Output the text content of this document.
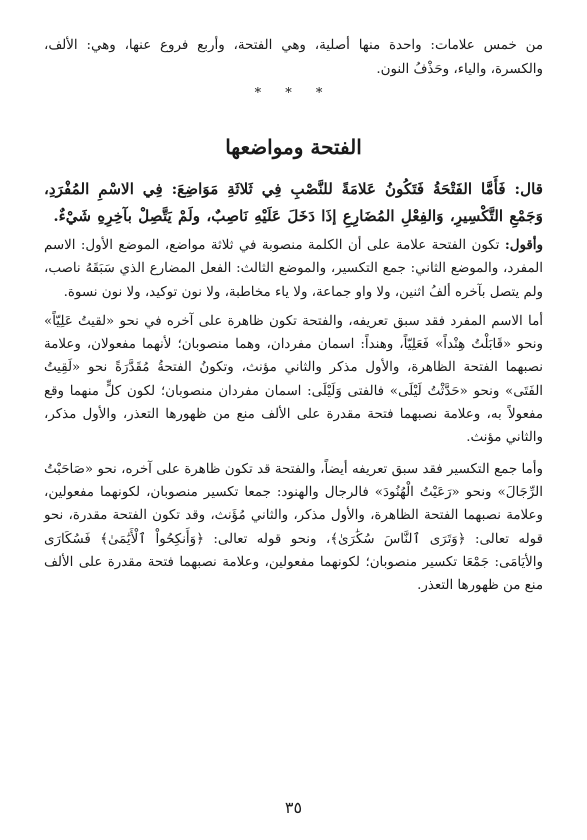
من خمس علامات: واحدة منها أصلية، وهي الفتحة، وأربع فروع عنها، وهي: الألف، والكسرة، والياء، وحَذْفُ النون.

* * *
الفتحة ومواضعها

قال: فَأَمَّا الفَتْحَةُ فَتَكُونُ عَلامَةً للنَّصْبِ فِي ثَلاثَةِ مَوَاضِعَ: فِي الاسْمِ المُفْرَدِ، وَجَمْعِ التَّكْسِيرِ، وَالفِعْلِ المُضَارِعِ إذَا دَخَلَ عَلَيْهِ نَاصِبٌ، ولَمْ يَتَّصِلْ بآخِرِهِ شَيْءٌ.

وأقول: تكون الفتحة علامة على أن الكلمة منصوبة في ثلاثة مواضع، الموضع الأول: الاسم المفرد، والموضع الثاني: جمع التكسير، والموضع الثالث: الفعل المضارع الذي سَبَقَهُ ناصب، ولم يتصل بآخره ألفُ اثنين، ولا واو جماعة، ولا ياء مخاطبة، ولا نون توكيد، ولا نون نسوة.

أما الاسم المفرد فقد سبق تعريفه، والفتحة تكون ظاهرة على آخره في نحو «لقيتُ عَلِيّاً» ونحو «قَابَلْتُ هِنْداً» فَعَلِيّاً، وهنداً: اسمان مفردان، وهما منصوبان؛ لأنهما مفعولان، وعلامة نصبهما الفتحة الظاهرة، والأول مذكر والثاني مؤنث، وتكونُ الفتحةُ مُقَدَّرَةً نحو «لَقِيتُ الفَتَى» ونحو «حَدَّثْتُ لَيْلَى» فالفتى وَلَيْلَى: اسمان مفردان منصوبان؛ لكون كلٍّ منهما وقع مفعولاً به، وعلامة نصبهما فتحة مقدرة على الألف منع من ظهورها التعذر، والأول مذكر، والثاني مؤنث.

وأما جمع التكسير فقد سبق تعريفه أيضاً، والفتحة قد تكون ظاهرة على آخره، نحو «صَاحَبْتُ الرِّجَالَ» ونحو «رَعَيْتُ الْهُنُودَ» فالرجال والهنود: جمعا تكسير منصوبان، لكونهما مفعولين، وعلامة نصبهما الفتحة الظاهرة، والأول مذكر، والثاني مُؤَنث، وقد تكون الفتحة مقدرة، نحو قوله تعالى: ﴿وَتَرَى ٱلنَّاسَ سُكَٰرَىٰ﴾، ونحو قوله تعالى: ﴿وَأَنكِحُواْ ٱلْأَيَٰمَىٰ﴾ فَسُكَارَى والأيَامَى: جَمْعَا تكسير منصوبان؛ لكونهما مفعولين، وعلامة نصبهما فتحة مقدرة على الألف منع من ظهورها التعذر.

٣٥
